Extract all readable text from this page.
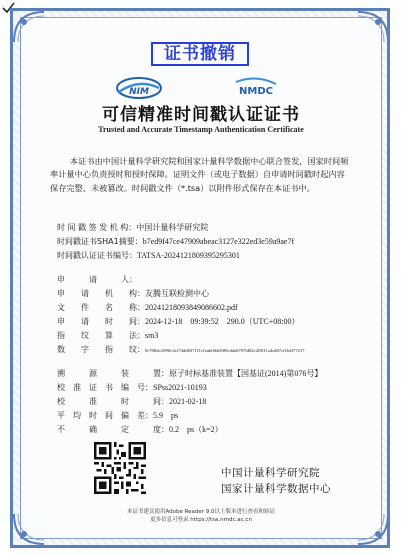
证书撤销
NIM	NMDC
可信精准时间戳认证证书
Trusted and Accurate Timestamp Authentication Certificate
本证书由中国计量科学研究院和国家计量科学数据中心联合签发，国家时间频率计量中心负责授时和授时保障。证明文件（或电子数据）自申请时间戳时起内容保存完整、未被篡改。时间戳文件（*.tsa）以附件形式保存在本证书中。
时 间 戳 签 发 机 构：中国计量科学研究院
时间戳证书SHA1摘要：b7ed9f47ce47909abeac3127e322ed3e59a9ae7f
时间戳认证证书编号：TATSA-2024121809395295301
申　　　请　　　人：
申　　请　　机　　构：友腾互联检测中心
文　　件　　名　　称：20241218093849086602.pdf
申　　请　　时　　间：2024-12-18　09:39:52　290.0（UTC+08:00）
指　　纹　　算　　法：sm3
数　　字　　指　　纹：0c708dc2f99fc4cf74dd8371f1c1eab0d4d589cdda6797fd82c2f8f11a4cd67cf1b4f77217
溯　　　源　　　装　　　置：原子时标基准装置【国基证(2014)第076号】
校　准　证　书　编　号：SPss2021-10193
校　　　准　　　时　　　间：2021-02-18
平　均　时　间　偏　差：5.9　ps
不　　　确　　　定　　　度：0.2　ps（k=2）
中国计量科学研究院
国家计量科学数据中心
本证书建议使用Adobe Reader 9.0以上版本进行查看和验证
更多信息可登录 https://tsa.nmdc.ac.cn
